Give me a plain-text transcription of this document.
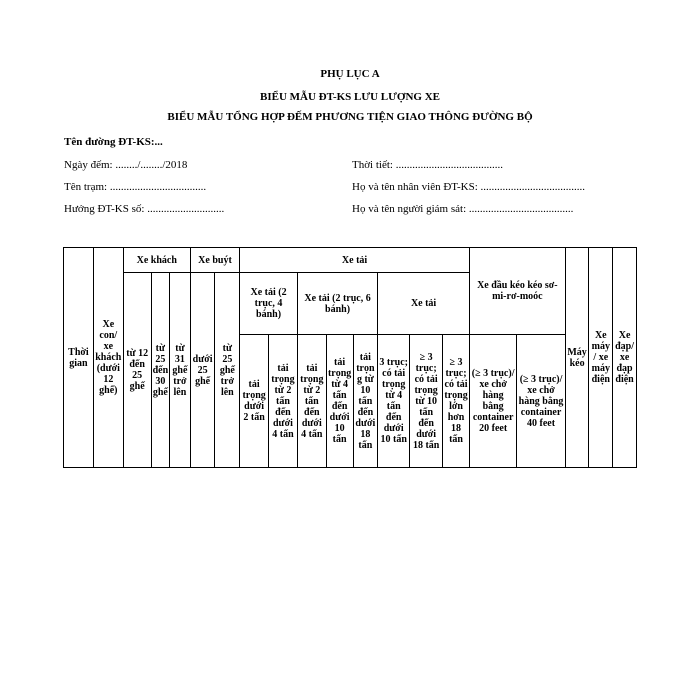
PHỤ LỤC A
BIỂU MẪU ĐT-KS LƯU LƯỢNG XE
BIỂU MẪU TỔNG HỢP ĐẾM PHƯƠNG TIỆN GIAO THÔNG ĐƯỜNG BỘ
Tên đường ĐT-KS:...
Ngày đếm: ......../......../2018	Thời tiết: .......................................
Tên trạm: ...................................	Họ và tên nhân viên ĐT-KS: ......................................
Hướng ĐT-KS số: ............................	Họ và tên người giám sát: ......................................
Thời gian	Xe con/ xe khách (dưới 12 ghế)	Xe khách			Xe buýt		Xe tải								Xe đầu kéo kéo sơ-mi-rơ-moóc		Máy kéo	Xe máy/ xe máy điện	Xe đạp/ xe đạp điện
		từ 12 đến 25 ghế	từ 25 đến 30 ghế	từ 31 ghế trở lên	dưới 25 ghế	từ 25 ghế trở lên	Xe tải (2 trục, 4 bánh)		Xe tải (2 trục, 6 bánh)			Xe tải							
							tải trọng dưới 2 tấn	tải trọng từ 2 tấn đến dưới 4 tấn	tải trọng từ 2 tấn đến dưới 4 tấn	tải trọng từ 4 tấn đến dưới 10 tấn	tải trọng từ 10 tấn đến dưới 18 tấn	3 trục; có tải trọng từ 4 tấn đến dưới 10 tấn	≥ 3 trục; có tải trọng từ 10 tấn đến dưới 18 tấn	≥ 3 trục; có tải trọng lớn hơn 18 tấn	(≥ 3 trục)/ xe chở hàng bằng container 20 feet	(≥ 3 trục)/ xe chở hàng bằng container 40 feet			
